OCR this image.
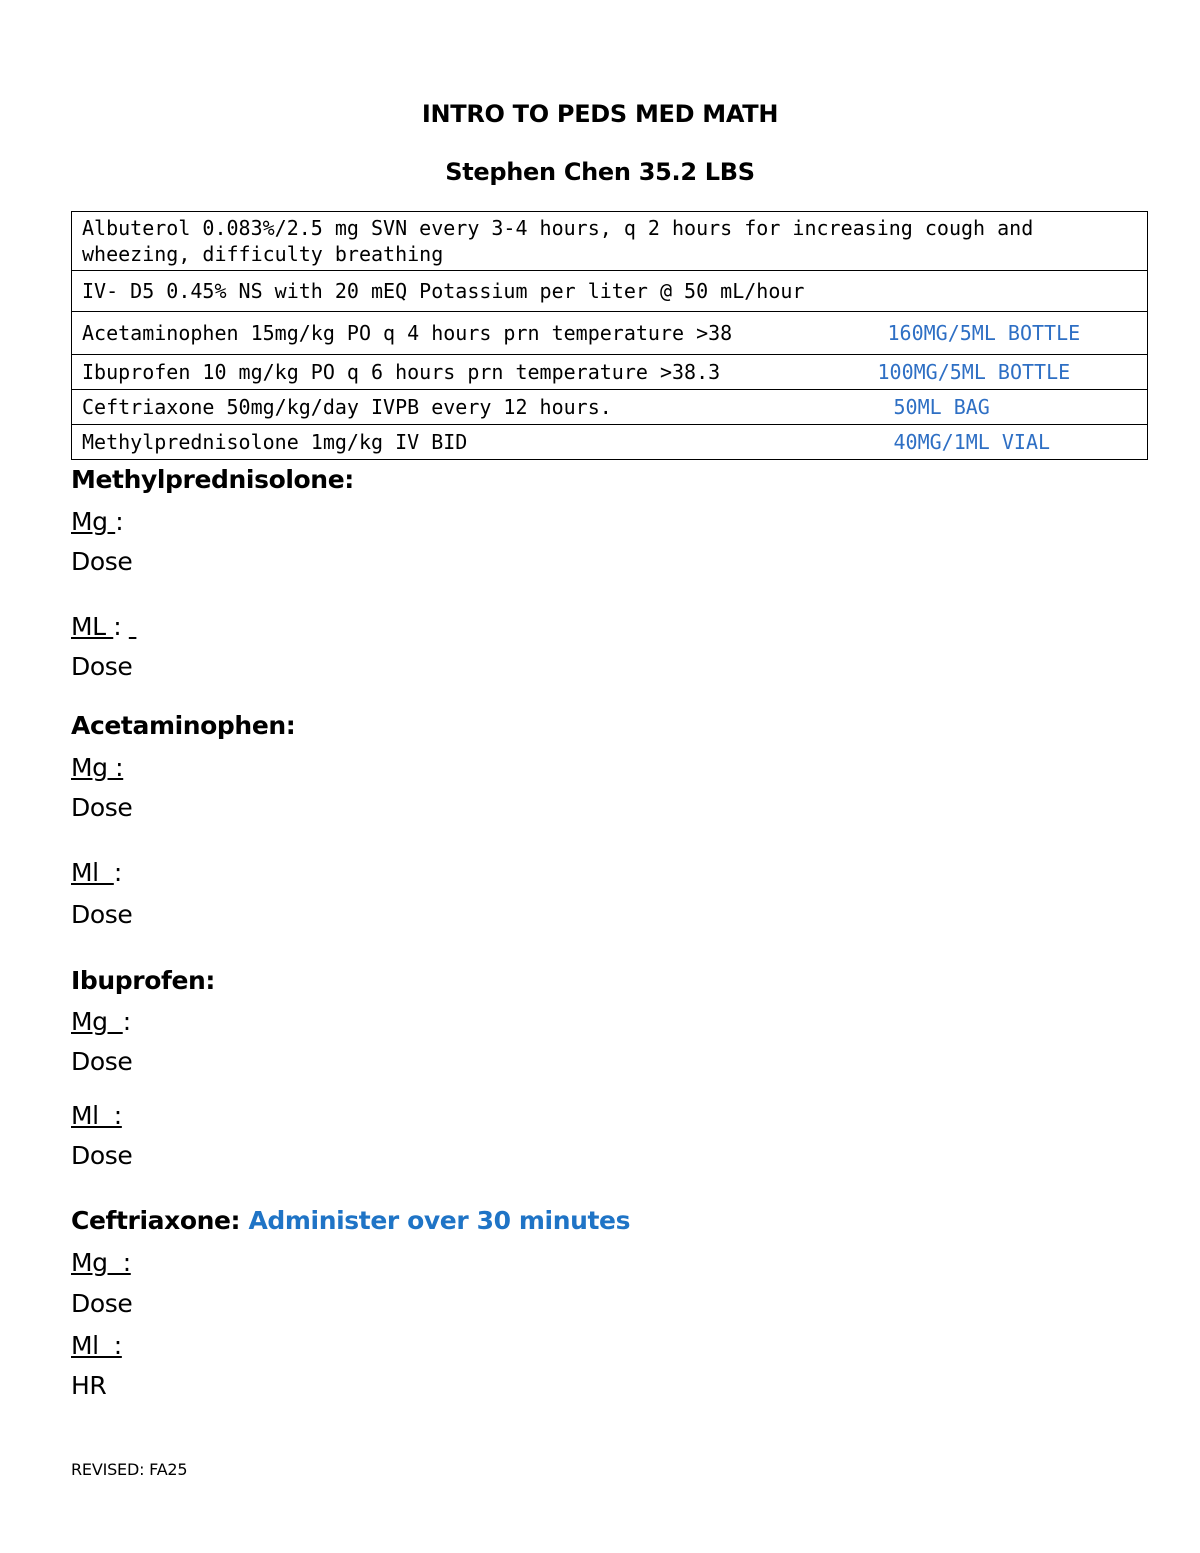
INTRO TO PEDS MED MATH
Stephen Chen 35.2 LBS
Albuterol 0.083%/2.5 mg SVN every 3-4 hours, q 2 hours for increasing cough and wheezing, difficulty breathing	
IV- D5 0.45% NS with 20 mEQ Potassium per liter @ 50 mL/hour	
Acetaminophen 15mg/kg PO q 4 hours prn temperature >38	160MG/5ML BOTTLE
Ibuprofen 10 mg/kg PO q 6 hours prn temperature >38.3	100MG/5ML BOTTLE
Ceftriaxone 50mg/kg/day IVPB every 12 hours.	50ML BAG
Methylprednisolone 1mg/kg IV BID	40MG/1ML VIAL
Methylprednisolone:
Mg :
Dose
ML :
Dose
Acetaminophen:
Mg :
Dose
Ml  :
Dose
Ibuprofen:
Mg  :
Dose
Ml  :
Dose
Ceftriaxone: Administer over 30 minutes
Mg  :
Dose
Ml  :
HR
REVISED: FA25
